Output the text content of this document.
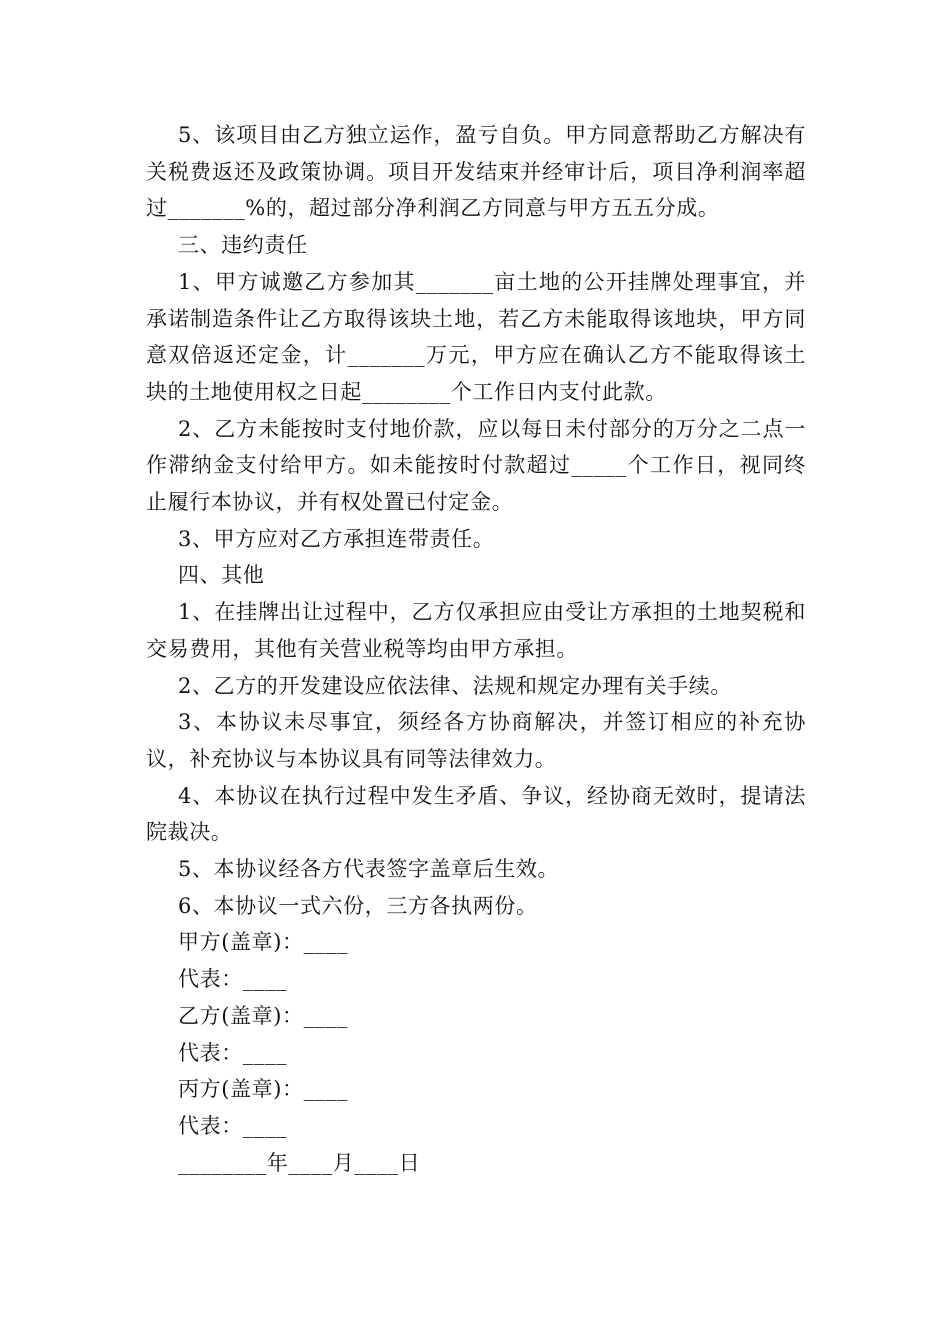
5、该项目由乙方独立运作，盈亏自负。甲方同意帮助乙方解决有关税费返还及政策协调。项目开发结束并经审计后，项目净利润率超过_______%的，超过部分净利润乙方同意与甲方五五分成。

三、违约责任

1、甲方诚邀乙方参加其_______亩土地的公开挂牌处理事宜，并承诺制造条件让乙方取得该块土地，若乙方未能取得该地块，甲方同意双倍返还定金，计_______万元，甲方应在确认乙方不能取得该土块的土地使用权之日起________个工作日内支付此款。

2、乙方未能按时支付地价款，应以每日未付部分的万分之二点一作滞纳金支付给甲方。如未能按时付款超过_____个工作日，视同终止履行本协议，并有权处置已付定金。

3、甲方应对乙方承担连带责任。

四、其他

1、在挂牌出让过程中，乙方仅承担应由受让方承担的土地契税和交易费用，其他有关营业税等均由甲方承担。

2、乙方的开发建设应依法律、法规和规定办理有关手续。

3、本协议未尽事宜，须经各方协商解决，并签订相应的补充协议，补充协议与本协议具有同等法律效力。

4、本协议在执行过程中发生矛盾、争议，经协商无效时，提请法院裁决。

5、本协议经各方代表签字盖章后生效。

6、本协议一式六份，三方各执两份。

甲方(盖章)：____

代表：____

乙方(盖章)：____

代表：____

丙方(盖章)：____

代表：____

________年____月____日
